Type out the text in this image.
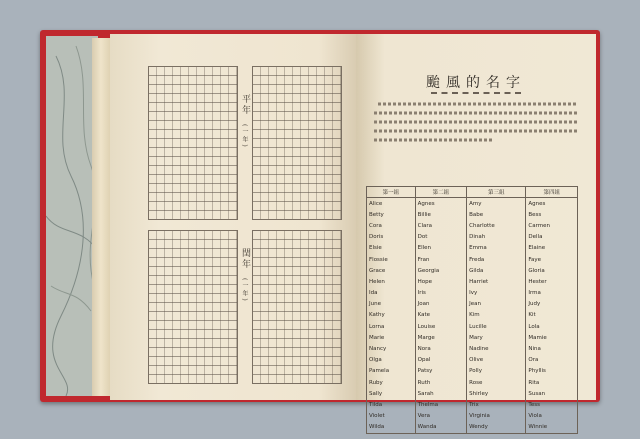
平年
(一年)
閏年
(一年)
颱風的名字
第一組	第二組	第三組	第四組
Alice	Agnes	Amy	Agnes
Betty	Billie	Babe	Bess
Cora	Clara	Charlotte	Carmen
Doris	Dot	Dinah	Della
Elsie	Ellen	Emma	Elaine
Flossie	Fran	Freda	Faye
Grace	Georgia	Gilda	Gloria
Helen	Hope	Harriet	Hester
Ida	Iris	Ivy	Irma
June	Joan	Jean	Judy
Kathy	Kate	Kim	Kit
Lorna	Louise	Lucille	Lola
Marie	Marge	Mary	Mamie
Nancy	Nora	Nadine	Nina
Olga	Opal	Olive	Ora
Pamela	Patsy	Polly	Phyllis
Ruby	Ruth	Rose	Rita
Sally	Sarah	Shirley	Susan
Tilda	Thelma	Trix	Tess
Violet	Vera	Virginia	Viola
Wilda	Wanda	Wendy	Winnie
